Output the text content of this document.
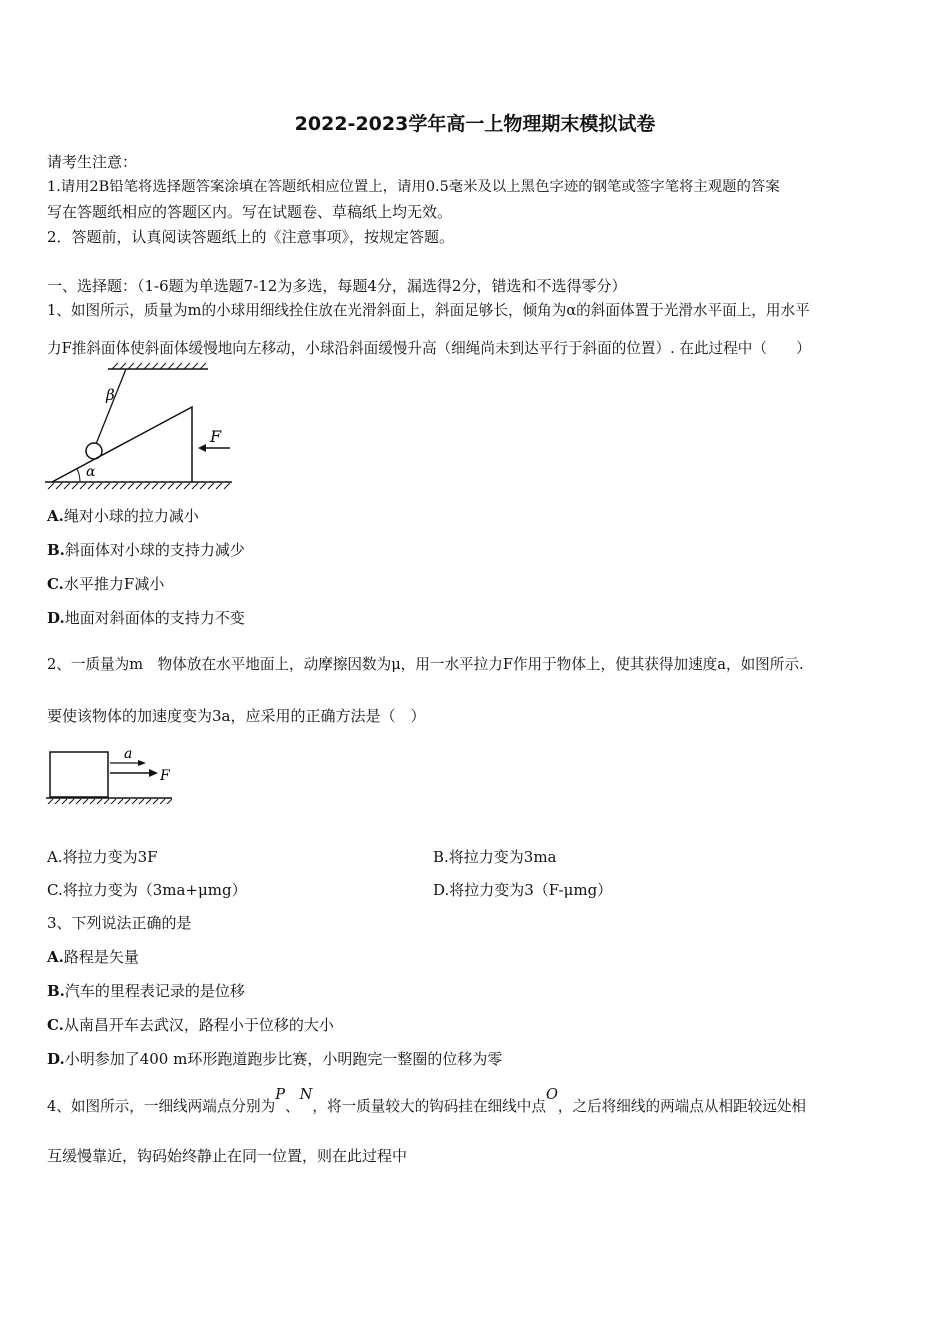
2022-2023学年高一上物理期末模拟试卷
请考生注意：
1.请用2B铅笔将选择题答案涂填在答题纸相应位置上，请用0.5毫米及以上黑色字迹的钢笔或签字笔将主观题的答案
写在答题纸相应的答题区内。写在试题卷、草稿纸上均无效。
2．答题前，认真阅读答题纸上的《注意事项》，按规定答题。
一、选择题：（1-6题为单选题7-12为多选，每题4分，漏选得2分，错选和不选得零分）
1、如图所示，质量为m的小球用细线拴住放在光滑斜面上，斜面足够长，倾角为α的斜面体置于光滑水平面上，用水平
力F推斜面体使斜面体缓慢地向左移动，小球沿斜面缓慢升高（细绳尚未到达平行于斜面的位置）. 在此过程中（　　）
β
α
F
A.绳对小球的拉力减小
B.斜面体对小球的支持力减少
C.水平推力F减小
D.地面对斜面体的支持力不变
2、一质量为m　物体放在水平地面上，动摩擦因数为μ，用一水平拉力F作用于物体上，使其获得加速度a，如图所示.
要使该物体的加速度变为3a，应采用的正确方法是（　）
a
F
A.将拉力变为3F	B.将拉力变为3ma
C.将拉力变为（3ma+μmg）	D.将拉力变为3（F-μmg）
3、下列说法正确的是
A.路程是矢量
B.汽车的里程表记录的是位移
C.从南昌开车去武汉，路程小于位移的大小
D.小明参加了400 m环形跑道跑步比赛，小明跑完一整圈的位移为零
4、如图所示，一细线两端点分别为P、N，将一质量较大的钩码挂在细线中点O，之后将细线的两端点从相距较远处相
互缓慢靠近，钩码始终静止在同一位置，则在此过程中
